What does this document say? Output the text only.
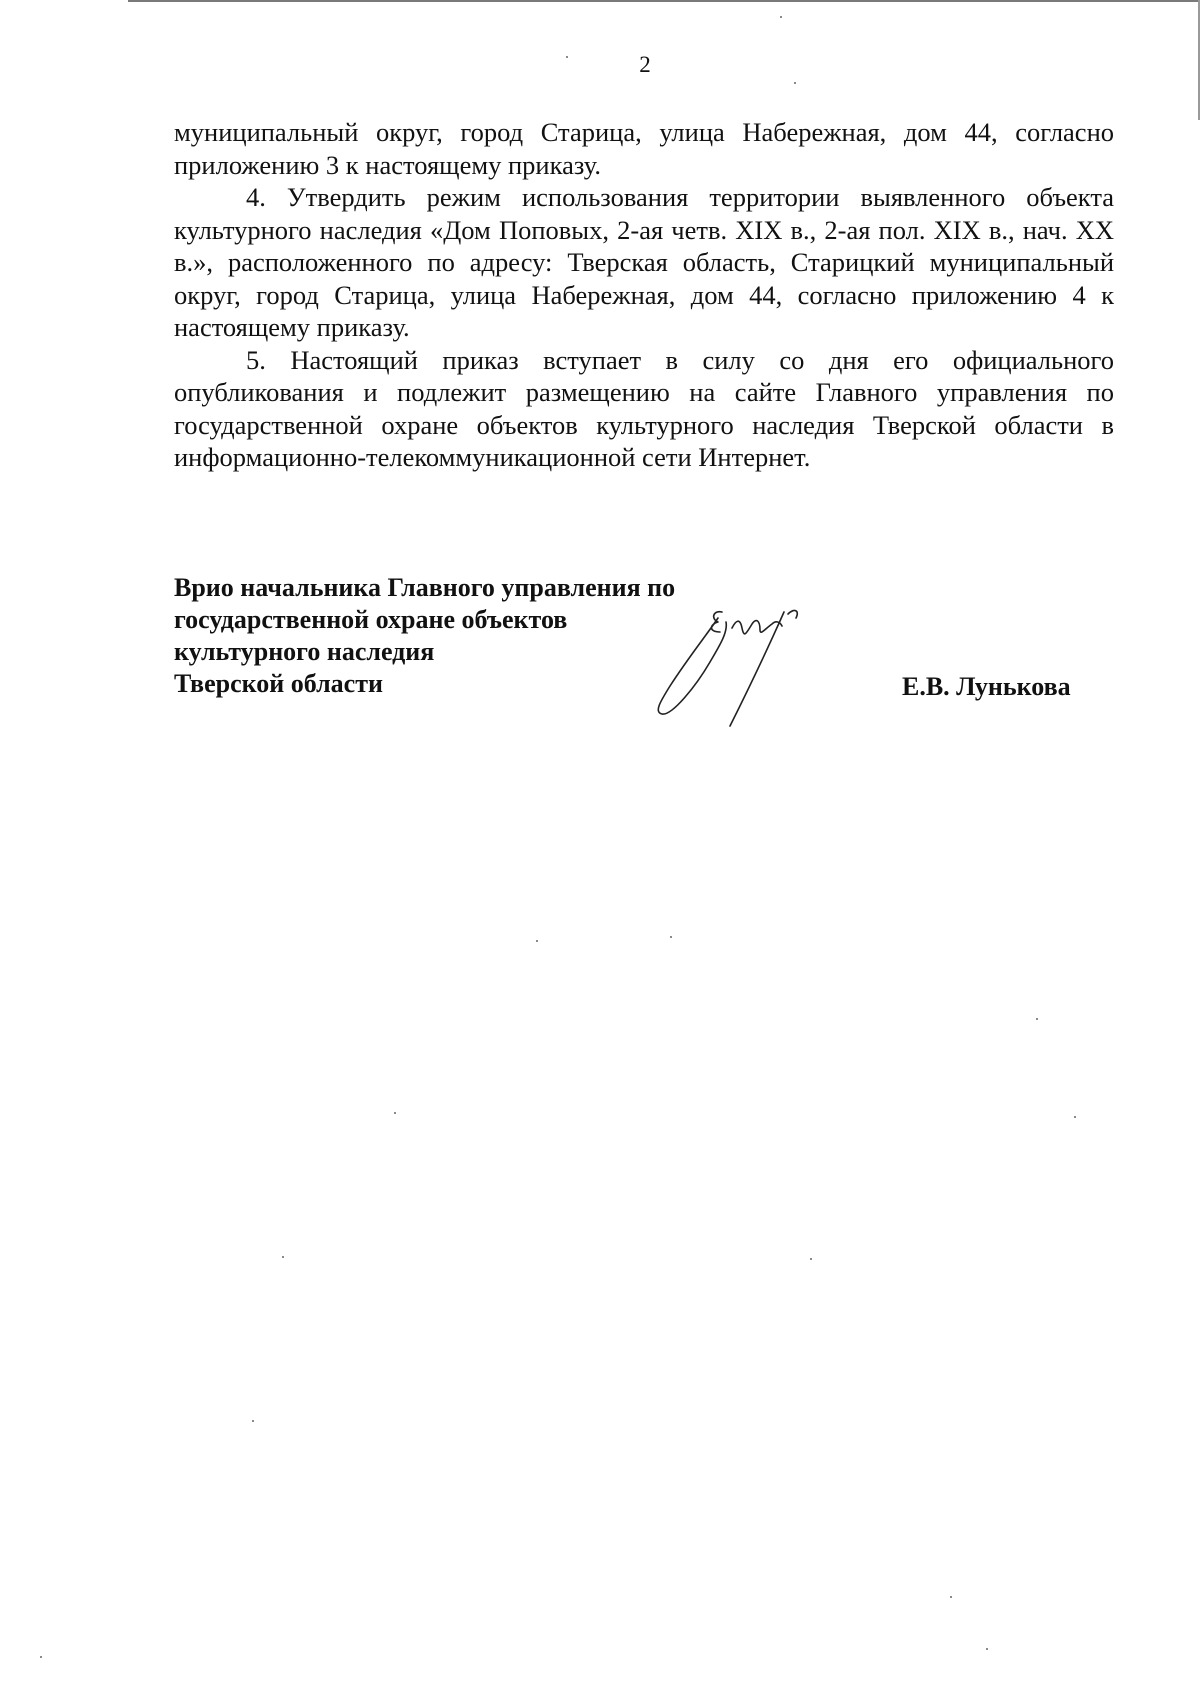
2

муниципальный округ, город Старица, улица Набережная, дом 44, согласно приложению 3 к настоящему приказу.

4. Утвердить режим использования территории выявленного объекта культурного наследия «Дом Поповых, 2-ая четв. XIX в., 2-ая пол. XIX в., нач. XX в.», расположенного по адресу: Тверская область, Старицкий муниципальный округ, город Старица, улица Набережная, дом 44, согласно приложению 4 к настоящему приказу.

5. Настоящий приказ вступает в силу со дня его официального опубликования и подлежит размещению на сайте Главного управления по государственной охране объектов культурного наследия Тверской области в информационно-телекоммуникационной сети Интернет.

Врио начальника Главного управления по
государственной охране объектов
культурного наследия
Тверской области	Е.В. Лунькова
